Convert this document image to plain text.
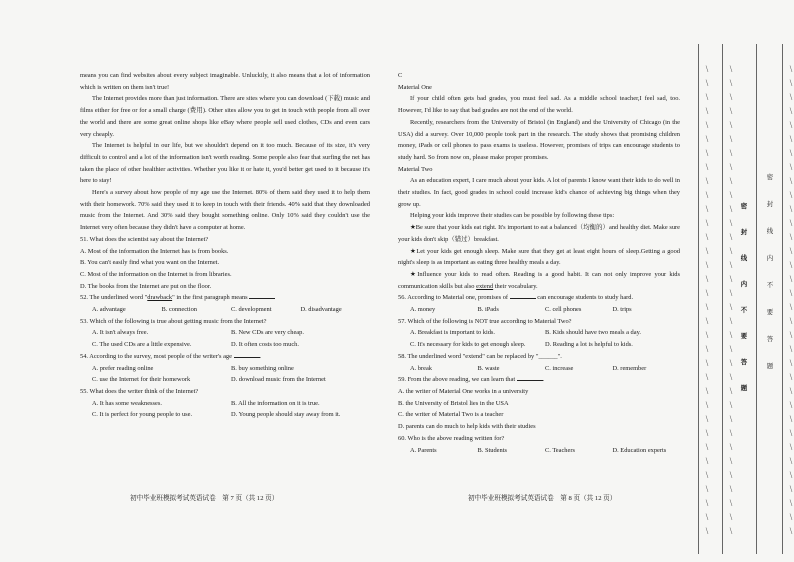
means you can find websites about every subject imaginable. Unluckily, it also means that a lot of information which is written on them isn't true!

The Internet provides more than just information. There are sites where you can download (下载) music and films either for free or for a small charge (费用). Other sites allow you to get in touch with people from all over the world and there are some great online shops like eBay where people sell used clothes, CDs and even cars very cheaply.

The Internet is helpful in our life, but we shouldn't depend on it too much. Because of its size, it's very difficult to control and a lot of the information isn't worth reading. Some people also fear that surfing the net has taken the place of other healthier activities. Whether you like it or hate it, you'd better get used to it because it's here to stay!

Here's a survey about how people of my age use the Internet. 80% of them said they used it to help them with their homework. 70% said they used it to keep in touch with their friends. 40% said that they downloaded music from the Internet. And 30% said they bought something online. Only 10% said they couldn't use the Internet very often because they didn't have a computer at home.

51. What does the scientist say about the Internet?

A. Most of the information the Internet has is from books.

B. You can't easily find what you want on the Internet.

C. Most of the information on the Internet is from libraries.

D. The books from the Internet are put on the floor.

52. The underlined word "drawback" in the first paragraph means

A. advantage	B. connection	C. development	D. disadvantage

53. Which of the following is true about getting music from the Internet?

A. It isn't always free.	B. New CDs are very cheap.
C. The used CDs are a little expensive.	D. It often costs too much.

54. According to the survey, most people of the writer's age	.

A. prefer reading online	B. buy something online
C. use the Internet for their homework	D. download music from the Internet

55. What does the writer think of the Internet?

A. It has some weaknesses.	B. All the information on it is true.
C. It is perfect for young people to use.	D. Young people should stay away from it.
初中毕业班模拟考试英语试卷　第 7 页（共 12 页）

C

Material One

If your child often gets bad grades, you must feel sad. As a middle school teacher,I feel sad, too. However, I'd like to say that bad grades are not the end of the world.

Recently, researchers from the University of Bristol (in England) and the University of Chicago (in the USA) did a survey. Over 10,000 people took part in the research. The study shows that promising children money, iPads or cell phones to pass exams is useless. However, promises of trips can encourage students to study hard. So from now on, please make proper promises.

Material Two

As an education expert, I care much about your kids. A lot of parents I know want their kids to do well in their studies. In fact, good grades in school could increase kid's chance of achieving big things when they grow up.

Helping your kids improve their studies can be possible by following these tips:

★Be sure that your kids eat right. It's important to eat a balanced（均衡的）and healthy diet. Make sure your kids don't skip（错过）breakfast.

★Let your kids get enough sleep. Make sure that they get at least eight hours of sleep.Getting a good night's sleep is as important as eating three healthy meals a day.

★Influence your kids to read often. Reading is a good habit. It can not only improve your kids communication skills but also extend their vocabulary.

56. According to Material one, promises of	can encourage students to study hard.

A. money	B. iPads	C. cell phones	D. trips

57. Which of the following is NOT true according to Material Two?

A. Breakfast is important to kids.	B. Kids should have two meals a day.
C. It's necessary for kids to get enough sleep.	D. Reading a lot is helpful to kids.

58. The underlined word "extend" can be replaced by "______".

A. break	B. waste	C. increase	D. remember

59. From the above reading, we can learn that	.

A. the writer of Material One works in a university

B. the University of Bristol lies in the USA

C. the writer of Material Two is a teacher

D. parents can do much to help kids with their studies

60. Who is the above reading written for?

A. Parents	B. Students	C. Teachers	D. Education experts
初中毕业班模拟考试英语试卷　第 8 页（共 12 页）
\
\
\
\
\
\
\
\
\
\
\
\
\
\
\
\
\
\
\
\
\
\
\
\
\
\
\
\
\
\
\
\
\
\
\
\
\
\
\
\
\
\
\
\
\
\
\
\
\
\
\
\
\
\
\
\
\
\
\
\
\
\
\
\
\
\
\
\
\
\
\
\
\
\
\
\
\
\
\
\
\
\
\
\
\
\
\
\
\
\
\
\
\
\
\
\
\
\
\
\
\
\
密
封
线
内
不
要
答
题
密
封
线
内
不
要
答
题
